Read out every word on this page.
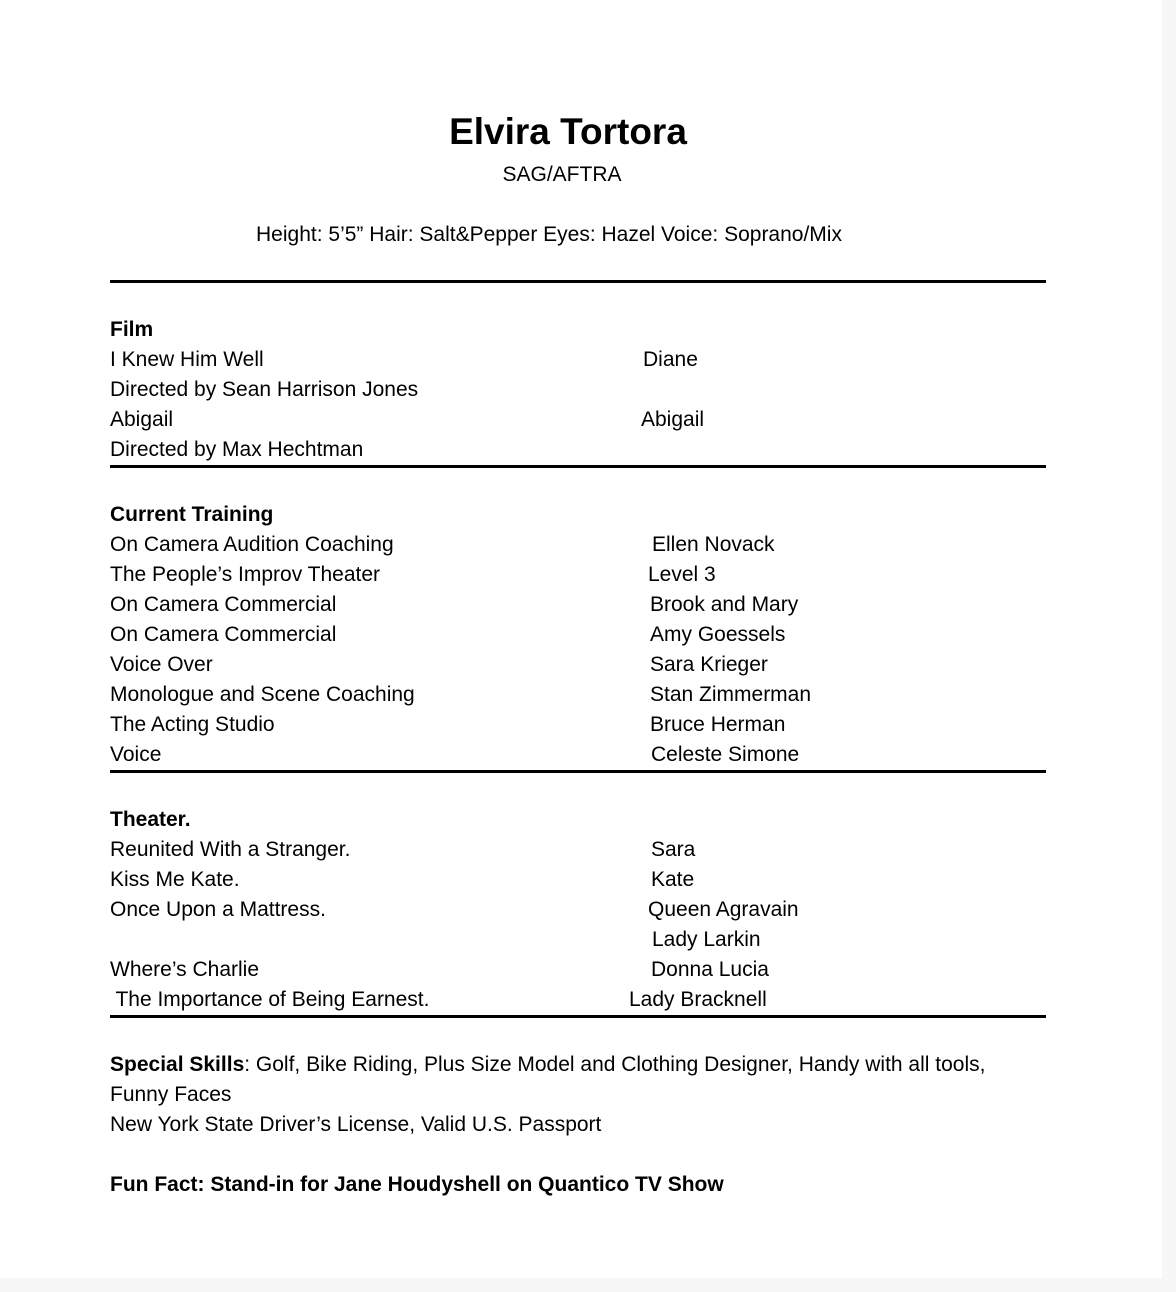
Elvira Tortora
SAG/AFTRA
Height: 5’5” Hair: Salt&Pepper Eyes: Hazel Voice: Soprano/Mix
Film
I Knew Him Well	Diane
Directed by Sean Harrison Jones
Abigail	Abigail
Directed by Max Hechtman
Current Training
On Camera Audition Coaching	Ellen Novack
The People’s Improv Theater	Level 3
On Camera Commercial	Brook and Mary
On Camera Commercial	Amy Goessels
Voice Over	Sara Krieger
Monologue and Scene Coaching	Stan Zimmerman
The Acting Studio	Bruce Herman
Voice	Celeste Simone
Theater.
Reunited With a Stranger.	Sara
Kiss Me Kate.	Kate
Once Upon a Mattress.	Queen Agravain
Lady Larkin
Where’s Charlie	Donna Lucia
The Importance of Being Earnest.	Lady Bracknell
Special Skills: Golf, Bike Riding, Plus Size Model and Clothing Designer, Handy with all tools, Funny Faces
New York State Driver’s License, Valid U.S. Passport
Fun Fact: Stand-in for Jane Houdyshell on Quantico TV Show
